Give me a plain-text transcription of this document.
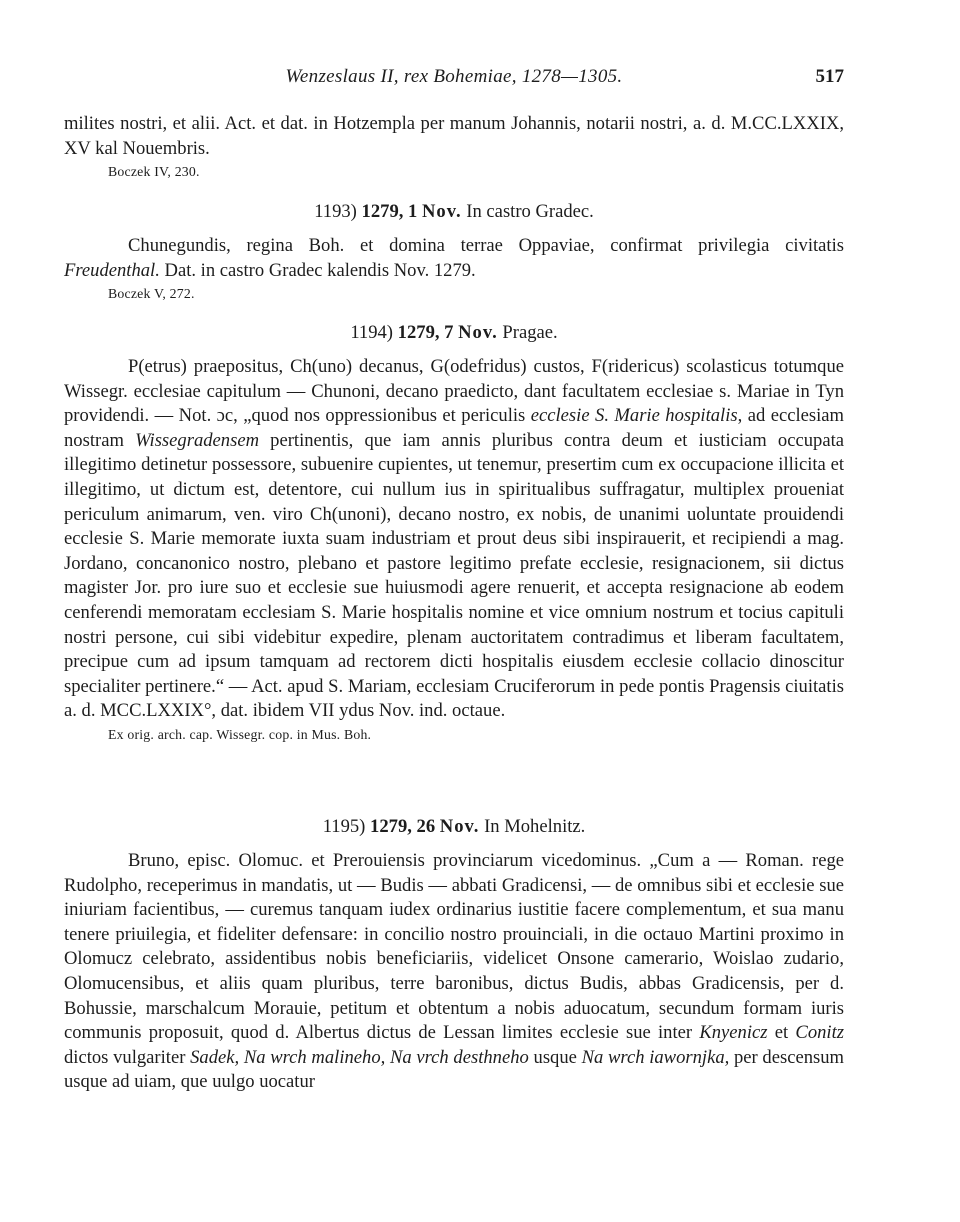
Wenzeslaus II, rex Bohemiae, 1278—1305.	517

milites nostri, et alii. Act. et dat. in Hotzempla per manum Johannis, notarii nostri, a. d. M.CC.LXXIX, XV kal Nouembris.

Boczek IV, 230.
1193) 1279, 1 Nov. In castro Gradec.

Chunegundis, regina Boh. et domina terrae Oppaviae, confirmat privilegia civitatis Freudenthal. Dat. in castro Gradec kalendis Nov. 1279.

Boczek V, 272.
1194) 1279, 7 Nov. Pragae.

P(etrus) praepositus, Ch(uno) decanus, G(odefridus) custos, F(ridericus) scolasticus totumque Wissegr. ecclesiae capitulum — Chunoni, decano praedicto, dant facultatem ecclesiae s. Mariae in Tyn providendi. — Not. ɔc, „quod nos oppressionibus et periculis ecclesie S. Marie hospitalis, ad ecclesiam nostram Wissegradensem pertinentis, que iam annis pluribus contra deum et iusticiam occupata illegitimo detinetur possessore, subuenire cupientes, ut tenemur, presertim cum ex occupacione illicita et illegitimo, ut dictum est, detentore, cui nullum ius in spiritualibus suffragatur, multiplex proueniat periculum animarum, ven. viro Ch(unoni), decano nostro, ex nobis, de unanimi uoluntate prouidendi ecclesie S. Marie memorate iuxta suam industriam et prout deus sibi inspirauerit, et recipiendi a mag. Jordano, concanonico nostro, plebano et pastore legitimo prefate ecclesie, resignacionem, sii dictus magister Jor. pro iure suo et ecclesie sue huiusmodi agere renuerit, et accepta resignacione ab eodem cenferendi memoratam ecclesiam S. Marie hospitalis nomine et vice omnium nostrum et tocius capituli nostri persone, cui sibi videbitur expedire, plenam auctoritatem contradimus et liberam facultatem, precipue cum ad ipsum tamquam ad rectorem dicti hospitalis eiusdem ecclesie collacio dinoscitur specialiter pertinere.“ — Act. apud S. Mariam, ecclesiam Cruciferorum in pede pontis Pragensis ciuitatis a. d. MCC.LXXIX°, dat. ibidem VII ydus Nov. ind. octaue.

Ex orig. arch. cap. Wissegr. cop. in Mus. Boh.
1195) 1279, 26 Nov. In Mohelnitz.

Bruno, episc. Olomuc. et Prerouiensis provinciarum vicedominus. „Cum a — Roman. rege Rudolpho, receperimus in mandatis, ut — Budis — abbati Gradicensi, — de omnibus sibi et ecclesie sue iniuriam facientibus, — curemus tanquam iudex ordinarius iustitie facere complementum, et sua manu tenere priuilegia, et fideliter defensare: in concilio nostro prouinciali, in die octauo Martini proximo in Olomucz celebrato, assidentibus nobis beneficiariis, videlicet Onsone camerario, Woislao zudario, Olomucensibus, et aliis quam pluribus, terre baronibus, dictus Budis, abbas Gradicensis, per d. Bohussie, marschalcum Morauie, petitum et obtentum a nobis aduocatum, secundum formam iuris communis proposuit, quod d. Albertus dictus de Lessan limites ecclesie sue inter Knyenicz et Conitz dictos vulgariter Sadek, Na wrch malineho, Na vrch desthneho usque Na wrch iawornjka, per descensum usque ad uiam, que uulgo uocatur
